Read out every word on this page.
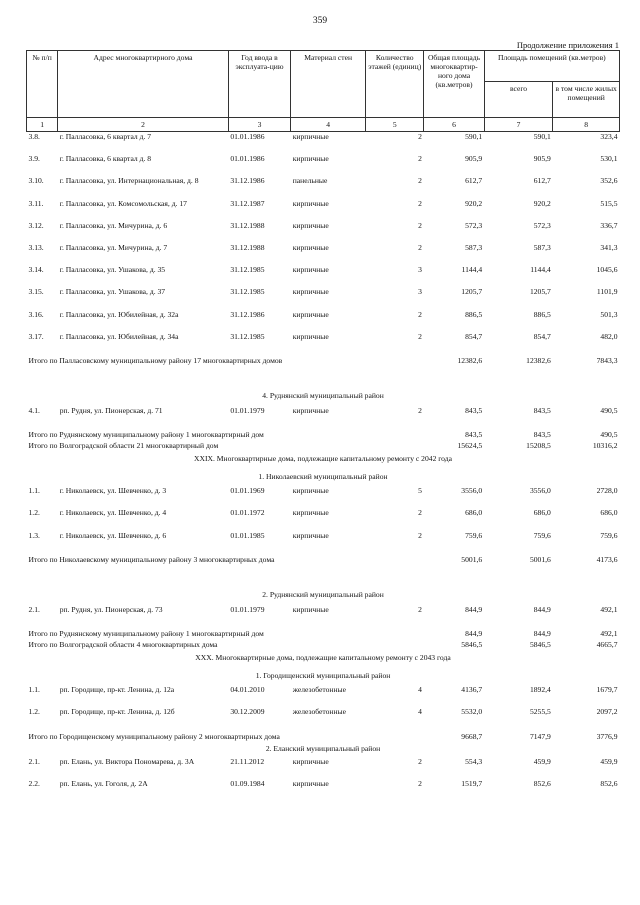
359
Продолжение приложения 1
№ п/п	Адрес многоквартирного дома	Год ввода в эксплуата-цию	Материал стен	Количество этажей (единиц)	Общая площадь многоквартир-ного дома (кв.метров)	Площадь помещений (кв.метров)	
						всего	в том числе жилых помещений
1	2	3	4	5	6	7	8
3.8.	г. Палласовка, 6 квартал д. 7	01.01.1986	кирпичные	2	590,1	590,1	323,4
3.9.	г. Палласовка, 6 квартал д. 8	01.01.1986	кирпичные	2	905,9	905,9	530,1
3.10.	г. Палласовка, ул. Интернациональная, д. 8	31.12.1986	панельные	2	612,7	612,7	352,6
3.11.	г. Палласовка, ул. Комсомольская, д. 17	31.12.1987	кирпичные	2	920,2	920,2	515,5
3.12.	г. Палласовка, ул. Мичурина, д. 6	31.12.1988	кирпичные	2	572,3	572,3	336,7
3.13.	г. Палласовка, ул. Мичурина, д. 7	31.12.1988	кирпичные	2	587,3	587,3	341,3
3.14.	г. Палласовка, ул. Ушакова, д. 35	31.12.1985	кирпичные	3	1144,4	1144,4	1045,6
3.15.	г. Палласовка, ул. Ушакова, д. 37	31.12.1985	кирпичные	3	1205,7	1205,7	1101,9
3.16.	г. Палласовка, ул. Юбилейная, д. 32а	31.12.1986	кирпичные	2	886,5	886,5	501,3
3.17.	г. Палласовка, ул. Юбилейная, д. 34а	31.12.1985	кирпичные	2	854,7	854,7	482,0
Итого по Палласовскому муниципальному району 17 многоквартирных домов					12382,6	12382,6	7843,3
4. Руднянский муниципальный район							
4.1.	рп. Рудня, ул. Пионерская, д. 71	01.01.1979	кирпичные	2	843,5	843,5	490,5
Итого по Руднянскому муниципальному району 1 многоквартирный дом					843,5	843,5	490,5
Итого по Волгоградской области 21 многоквартирный дом					15624,5	15208,5	10316,2
XXIX. Многоквартирные дома, подлежащие капитальному ремонту с 2042 года							
1. Николаевский муниципальный район							
1.1.	г. Николаевск, ул. Шевченко, д. 3	01.01.1969	кирпичные	5	3556,0	3556,0	2728,0
1.2.	г. Николаевск, ул. Шевченко, д. 4	01.01.1972	кирпичные	2	686,0	686,0	686,0
1.3.	г. Николаевск, ул. Шевченко, д. 6	01.01.1985	кирпичные	2	759,6	759,6	759,6
Итого по Николаевскому муниципальному району 3 многоквартирных дома					5001,6	5001,6	4173,6
2. Руднянский муниципальный район							
2.1.	рп. Рудня, ул. Пионерская, д. 73	01.01.1979	кирпичные	2	844,9	844,9	492,1
Итого по Руднянскому муниципальному району 1 многоквартирный дом					844,9	844,9	492,1
Итого по Волгоградской области 4 многоквартирных дома					5846,5	5846,5	4665,7
XXX. Многоквартирные дома, подлежащие капитальному ремонту с 2043 года							
1. Городищенский муниципальный район							
1.1.	рп. Городище, пр-кт. Ленина, д. 12а	04.01.2010	железобетонные	4	4136,7	1892,4	1679,7
1.2.	рп. Городище, пр-кт. Ленина, д. 12б	30.12.2009	железобетонные	4	5532,0	5255,5	2097,2
Итого по Городищенскому муниципальному району 2 многоквартирных дома					9668,7	7147,9	3776,9
2. Еланский муниципальный район							
2.1.	рп. Елань, ул. Виктора Пономарева, д. 3А	21.11.2012	кирпичные	2	554,3	459,9	459,9
2.2.	рп. Елань, ул. Гоголя, д. 2А	01.09.1984	кирпичные	2	1519,7	852,6	852,6
